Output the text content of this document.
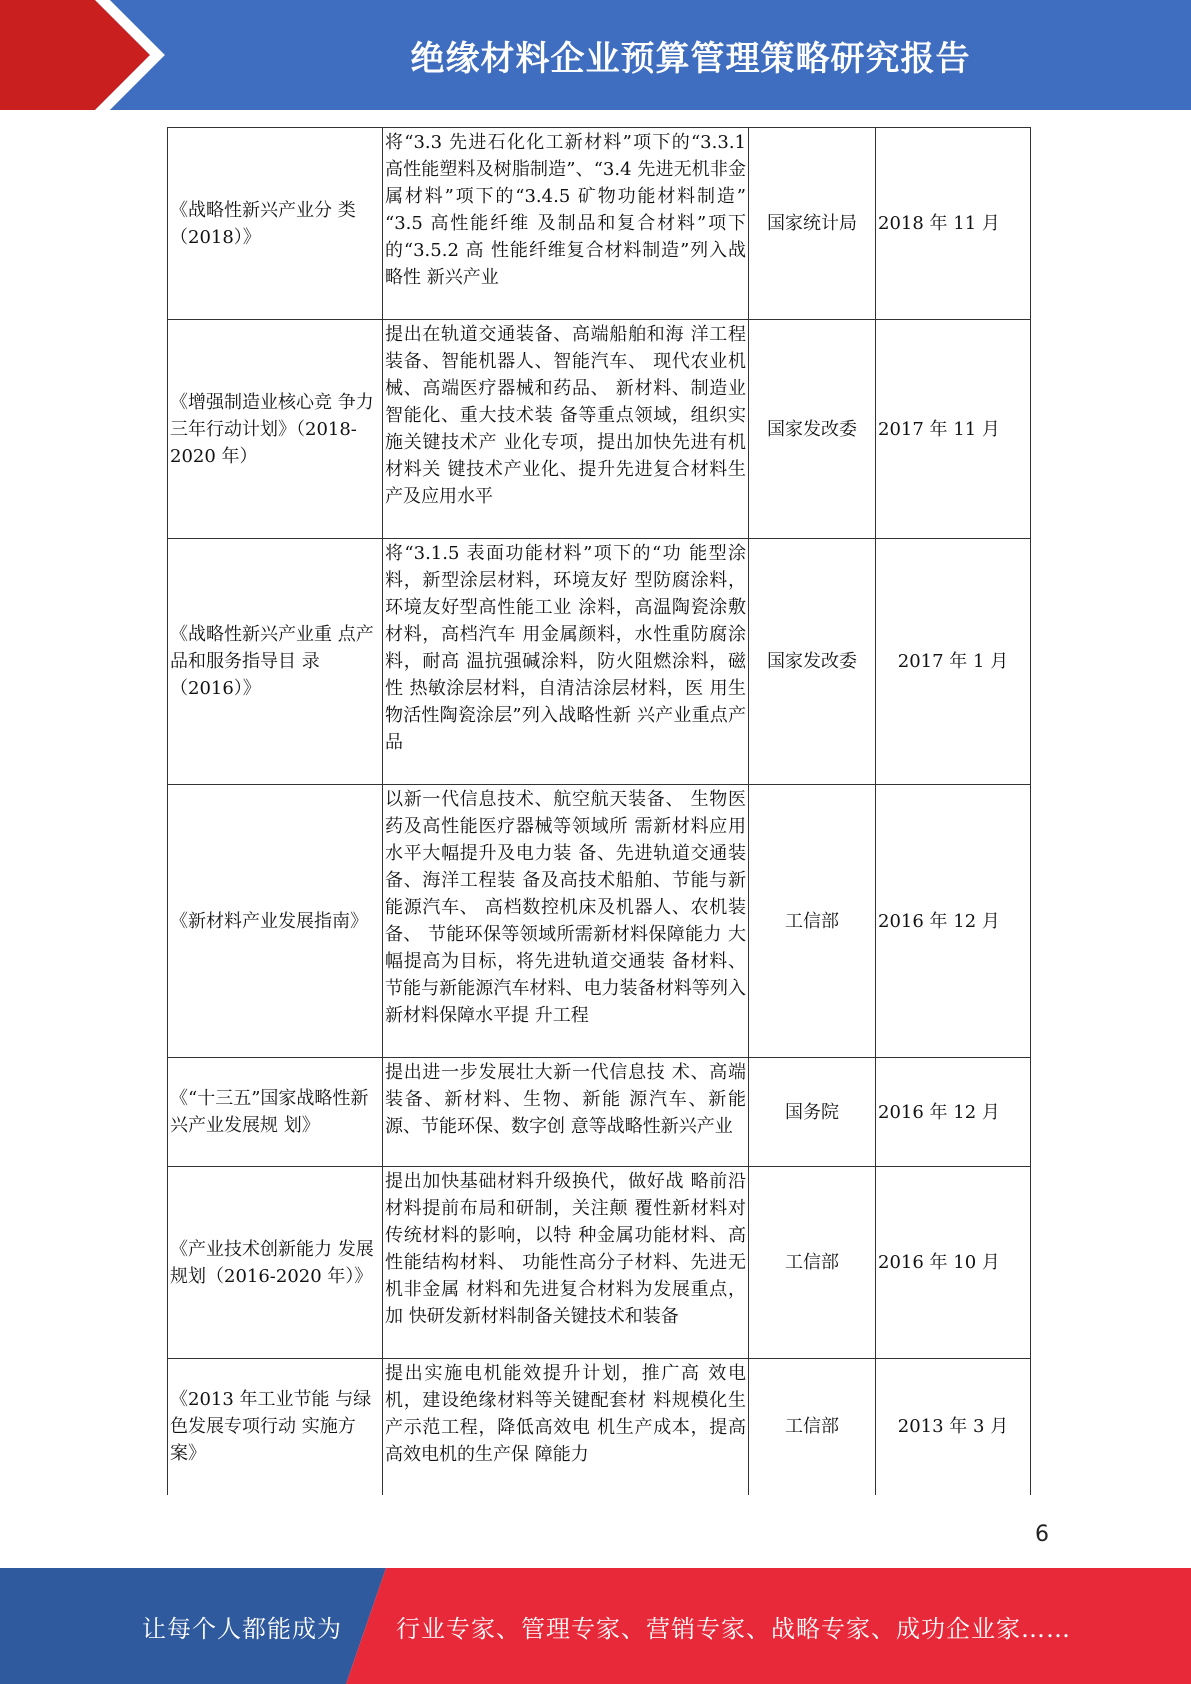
绝缘材料企业预算管理策略研究报告
《战略性新兴产业分 类（2018）》	将“3.3 先进石化化工新材料”项下的“3.3.1 高性能塑料及树脂制造”、“3.4 先进无机非金属材料”项下的“3.4.5 矿物功能材料制造” “3.5 高性能纤维 及制品和复合材料”项下的“3.5.2 高 性能纤维复合材料制造”列入战略性 新兴产业	国家统计局	2018 年 11 月
《增强制造业核心竞 争力三年行动计划》（2018-2020 年）	提出在轨道交通装备、高端船舶和海 洋工程装备、智能机器人、智能汽车、 现代农业机械、高端医疗器械和药品、 新材料、制造业智能化、重大技术装 备等重点领域，组织实施关键技术产 业化专项，提出加快先进有机材料关 键技术产业化、提升先进复合材料生 产及应用水平	国家发改委	2017 年 11 月
《战略性新兴产业重 点产品和服务指导目 录（2016）》	将“3.1.5 表面功能材料”项下的“功 能型涂料，新型涂层材料，环境友好 型防腐涂料，环境友好型高性能工业 涂料，高温陶瓷涂敷材料，高档汽车 用金属颜料，水性重防腐涂料，耐高 温抗强碱涂料，防火阻燃涂料，磁性 热敏涂层材料，自清洁涂层材料，医 用生物活性陶瓷涂层”列入战略性新 兴产业重点产品	国家发改委	2017 年 1 月
《新材料产业发展指南》	以新一代信息技术、航空航天装备、 生物医药及高性能医疗器械等领域所 需新材料应用水平大幅提升及电力装 备、先进轨道交通装备、海洋工程装 备及高技术船舶、节能与新能源汽车、 高档数控机床及机器人、农机装备、 节能环保等领域所需新材料保障能力 大幅提高为目标，将先进轨道交通装 备材料、节能与新能源汽车材料、电力装备材料等列入新材料保障水平提 升工程	工信部	2016 年 12 月
《“十三五”国家战略性新兴产业发展规 划》	提出进一步发展壮大新一代信息技 术、高端装备、新材料、生物、新能 源汽车、新能源、节能环保、数字创 意等战略性新兴产业	国务院	2016 年 12 月
《产业技术创新能力 发展规划（2016-2020 年）》	提出加快基础材料升级换代，做好战 略前沿材料提前布局和研制，关注颠 覆性新材料对传统材料的影响，以特 种金属功能材料、高性能结构材料、 功能性高分子材料、先进无机非金属 材料和先进复合材料为发展重点，加 快研发新材料制备关键技术和装备	工信部	2016 年 10 月
《2013 年工业节能 与绿色发展专项行动 实施方案》	提出实施电机能效提升计划，推广高 效电机，建设绝缘材料等关键配套材 料规模化生产示范工程，降低高效电 机生产成本，提高高效电机的生产保 障能力	工信部	2013 年 3 月
6
让每个人都能成为 行业专家、管理专家、营销专家、战略专家、成功企业家……
